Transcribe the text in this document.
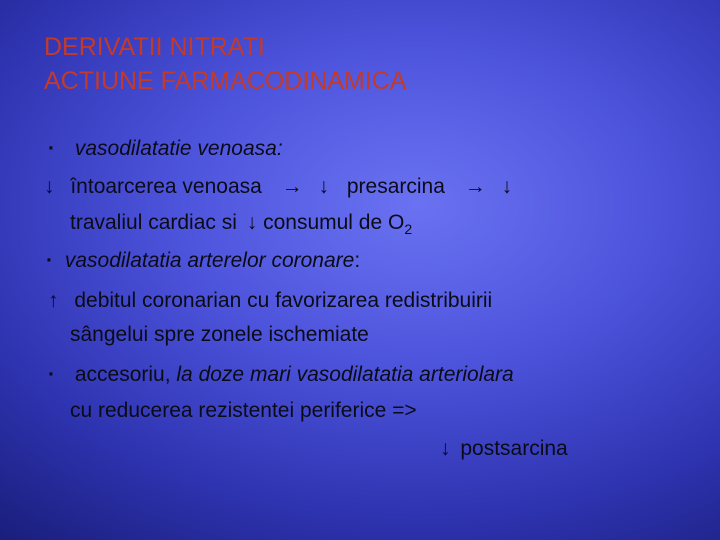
DERIVATII NITRATI
ACTIUNE FARMACODINAMICA
· vasodilatatie venoasa:
↓ întoarcerea venoasa → ↓ presarcina → ↓
travaliul cardiac si ↓ consumul de $O_2$
· vasodilatatia arterelor coronare:
↑ debitul coronarian cu favorizarea redistribuirii
sângelui spre zonele ischemiate
· accesoriu, la doze mari vasodilatatia arteriolara
cu reducerea rezistentei periferice =>
↓ postsarcina
